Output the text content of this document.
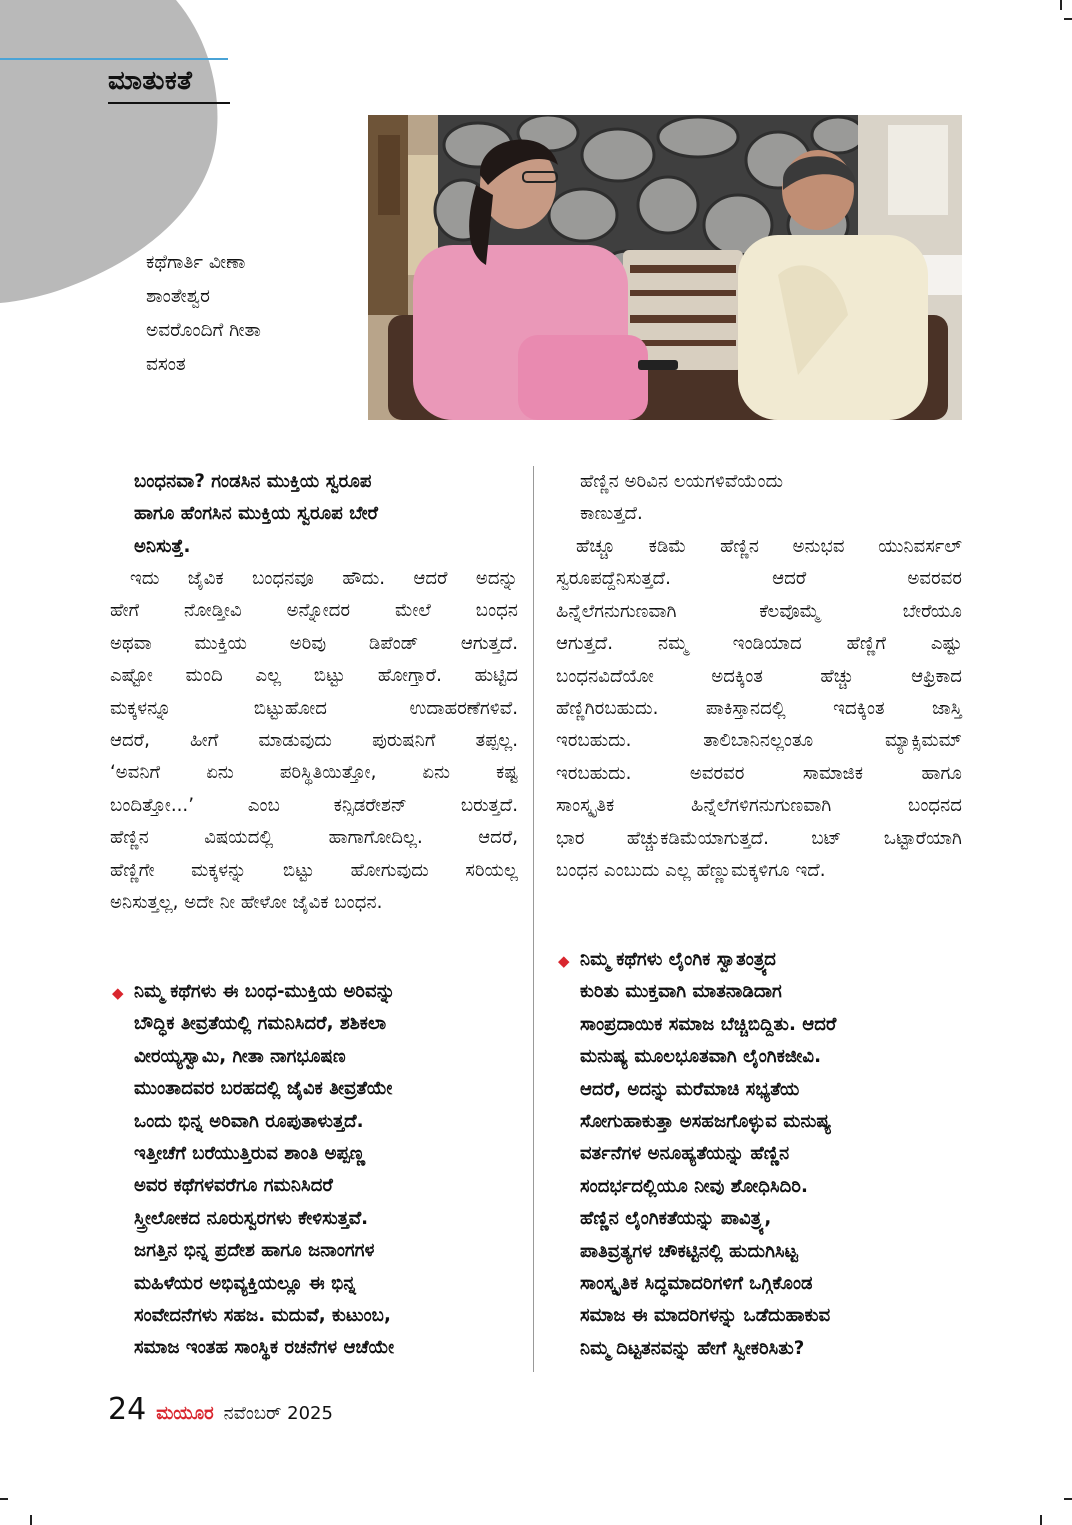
ಮಾತುಕತೆ
ಕಥೆಗಾರ್ತಿ ವೀಣಾ
ಶಾಂತೇಶ್ವರ
ಅವರೊಂದಿಗೆ ಗೀತಾ
ವಸಂತ
ಬಂಧನವಾ? ಗಂಡಸಿನ ಮುಕ್ತಿಯ ಸ್ವರೂಪ
ಹಾಗೂ ಹೆಂಗಸಿನ ಮುಕ್ತಿಯ ಸ್ವರೂಪ ಬೇರೆ
ಅನಿಸುತ್ತೆ.
ಇದು ಜೈವಿಕ ಬಂಧನವೂ ಹೌದು. ಆದರೆ ಅದನ್ನು
ಹೇಗೆ ನೋಡ್ತೀವಿ ಅನ್ನೋದರ ಮೇಲೆ ಬಂಧನ
ಅಥವಾ ಮುಕ್ತಿಯ ಅರಿವು ಡಿಪೆಂಡ್ ಆಗುತ್ತದೆ.
ಎಷ್ಟೋ ಮಂದಿ ಎಲ್ಲ ಬಿಟ್ಟು ಹೋಗ್ತಾರೆ. ಹುಟ್ಟಿದ
ಮಕ್ಕಳನ್ನೂ ಬಿಟ್ಟುಹೋದ ಉದಾಹರಣೆಗಳಿವೆ.
ಆದರೆ, ಹೀಗೆ ಮಾಡುವುದು ಪುರುಷನಿಗೆ ತಪ್ಪಲ್ಲ.
‘ಅವನಿಗೆ ಏನು ಪರಿಸ್ಥಿತಿಯಿತ್ತೋ, ಏನು ಕಷ್ಟ
ಬಂದಿತ್ತೋ...’ ಎಂಬ ಕನ್ಸಿಡರೇಶನ್ ಬರುತ್ತದೆ.
ಹೆಣ್ಣಿನ ವಿಷಯದಲ್ಲಿ ಹಾಗಾಗೋದಿಲ್ಲ. ಆದರೆ,
ಹೆಣ್ಣಿಗೇ ಮಕ್ಕಳನ್ನು ಬಿಟ್ಟು ಹೋಗುವುದು ಸರಿಯಲ್ಲ
ಅನಿಸುತ್ತಲ್ಲ, ಅದೇ ನೀ ಹೇಳೋ ಜೈವಿಕ ಬಂಧನ.
◆ ನಿಮ್ಮ ಕಥೆಗಳು ಈ ಬಂಧ-ಮುಕ್ತಿಯ ಅರಿವನ್ನು
ಬೌದ್ಧಿಕ ತೀವ್ರತೆಯಲ್ಲಿ ಗಮನಿಸಿದರೆ, ಶಶಿಕಲಾ
ವೀರಯ್ಯಸ್ವಾಮಿ, ಗೀತಾ ನಾಗಭೂಷಣ
ಮುಂತಾದವರ ಬರಹದಲ್ಲಿ ಜೈವಿಕ ತೀವ್ರತೆಯೇ
ಒಂದು ಭಿನ್ನ ಅರಿವಾಗಿ ರೂಪುತಾಳುತ್ತದೆ.
ಇತ್ತೀಚೆಗೆ ಬರೆಯುತ್ತಿರುವ ಶಾಂತಿ ಅಪ್ಪಣ್ಣ
ಅವರ ಕಥೆಗಳವರೆಗೂ ಗಮನಿಸಿದರೆ
ಸ್ತ್ರೀಲೋಕದ ನೂರುಸ್ವರಗಳು ಕೇಳಿಸುತ್ತವೆ.
ಜಗತ್ತಿನ ಭಿನ್ನ ಪ್ರದೇಶ ಹಾಗೂ ಜನಾಂಗಗಳ
ಮಹಿಳೆಯರ ಅಭಿವ್ಯಕ್ತಿಯಲ್ಲೂ ಈ ಭಿನ್ನ
ಸಂವೇದನೆಗಳು ಸಹಜ. ಮದುವೆ, ಕುಟುಂಬ,
ಸಮಾಜ ಇಂತಹ ಸಾಂಸ್ಥಿಕ ರಚನೆಗಳ ಆಚೆಯೇ
ಹೆಣ್ಣಿನ ಅರಿವಿನ ಲಯಗಳಿವೆಯೆಂದು
ಕಾಣುತ್ತದೆ.
ಹೆಚ್ಚೂ ಕಡಿಮೆ ಹೆಣ್ಣಿನ ಅನುಭವ ಯುನಿವರ್ಸಲ್
ಸ್ವರೂಪದ್ದೆನಿಸುತ್ತದೆ. ಆದರೆ ಅವರವರ
ಹಿನ್ನೆಲೆಗನುಗುಣವಾಗಿ ಕೆಲವೊಮ್ಮೆ ಬೇರೆಯೂ
ಆಗುತ್ತದೆ. ನಮ್ಮ ಇಂಡಿಯಾದ ಹೆಣ್ಣಿಗೆ ಎಷ್ಟು
ಬಂಧನವಿದೆಯೋ ಅದಕ್ಕಿಂತ ಹೆಚ್ಚು ಆಫ್ರಿಕಾದ
ಹೆಣ್ಣಿಗಿರಬಹುದು. ಪಾಕಿಸ್ತಾನದಲ್ಲಿ ಇದಕ್ಕಿಂತ ಜಾಸ್ತಿ
ಇರಬಹುದು. ತಾಲಿಬಾನಿನಲ್ಲಂತೂ ಮ್ಯಾಕ್ಸಿಮಮ್
ಇರಬಹುದು. ಅವರವರ ಸಾಮಾಜಿಕ ಹಾಗೂ
ಸಾಂಸ್ಕೃತಿಕ ಹಿನ್ನೆಲೆಗಳಿಗನುಗುಣವಾಗಿ ಬಂಧನದ
ಭಾರ ಹೆಚ್ಚುಕಡಿಮೆಯಾಗುತ್ತದೆ. ಬಟ್ ಒಟ್ಟಾರೆಯಾಗಿ
ಬಂಧನ ಎಂಬುದು ಎಲ್ಲ ಹೆಣ್ಣುಮಕ್ಕಳಿಗೂ ಇದೆ.
◆ ನಿಮ್ಮ ಕಥೆಗಳು ಲೈಂಗಿಕ ಸ್ವಾತಂತ್ರ್ಯದ
ಕುರಿತು ಮುಕ್ತವಾಗಿ ಮಾತನಾಡಿದಾಗ
ಸಾಂಪ್ರದಾಯಿಕ ಸಮಾಜ ಬೆಚ್ಚಿಬಿದ್ದಿತು. ಆದರೆ
ಮನುಷ್ಯ ಮೂಲಭೂತವಾಗಿ ಲೈಂಗಿಕಜೀವಿ.
ಆದರೆ, ಅದನ್ನು ಮರೆಮಾಚಿ ಸಭ್ಯತೆಯ
ಸೋಗುಹಾಕುತ್ತಾ ಅಸಹಜಗೊಳ್ಳುವ ಮನುಷ್ಯ
ವರ್ತನೆಗಳ ಅನೂಹ್ಯತೆಯನ್ನು ಹೆಣ್ಣಿನ
ಸಂದರ್ಭದಲ್ಲಿಯೂ ನೀವು ಶೋಧಿಸಿದಿರಿ.
ಹೆಣ್ಣಿನ ಲೈಂಗಿಕತೆಯನ್ನು ಪಾವಿತ್ರ್ಯ,
ಪಾತಿವ್ರತ್ಯಗಳ ಚೌಕಟ್ಟಿನಲ್ಲಿ ಹುದುಗಿಸಿಟ್ಟ
ಸಾಂಸ್ಕೃತಿಕ ಸಿದ್ಧಮಾದರಿಗಳಿಗೆ ಒಗ್ಗಿಕೊಂಡ
ಸಮಾಜ ಈ ಮಾದರಿಗಳನ್ನು ಒಡೆದುಹಾಕುವ
ನಿಮ್ಮ ದಿಟ್ಟತನವನ್ನು ಹೇಗೆ ಸ್ವೀಕರಿಸಿತು?
24 ಮಯೂರ ನವೆಂಬರ್ 2025
